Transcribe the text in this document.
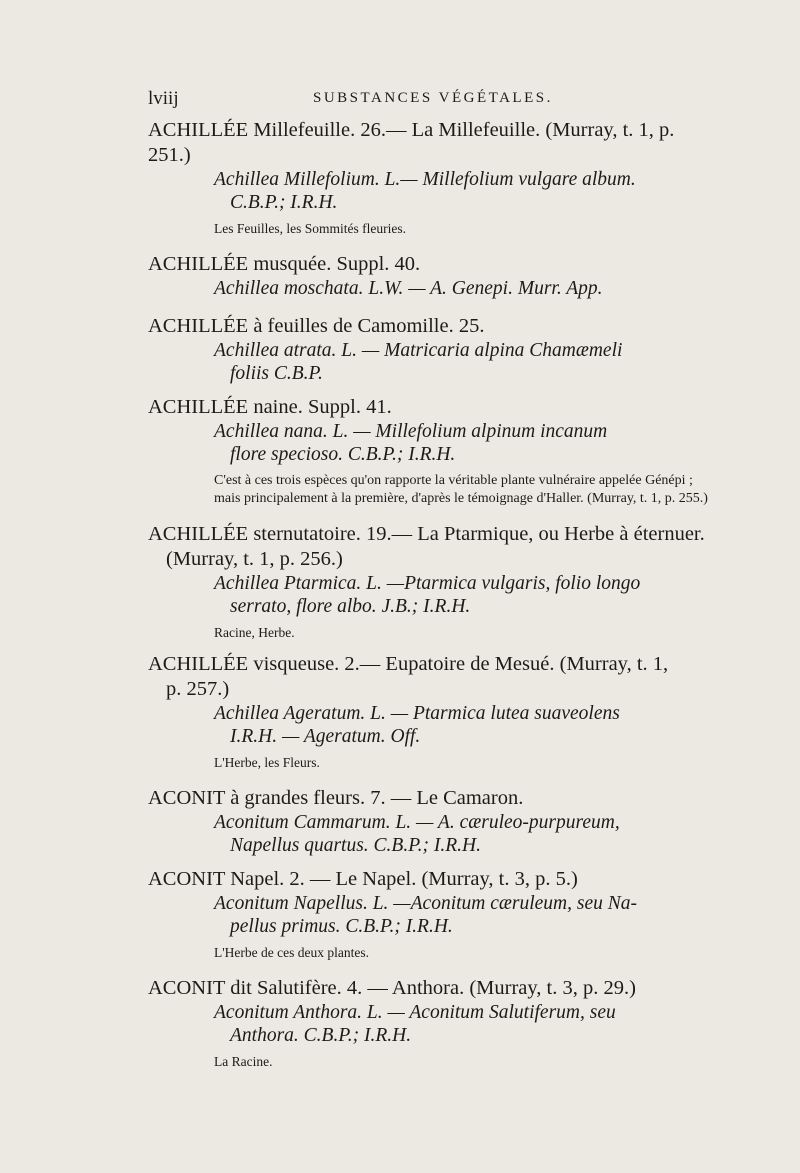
lviij	SUBSTANCES VÉGÉTALES.
ACHILLÉE Millefeuille. 26.— La Millefeuille. (Murray, t. 1, p. 251.)
Achillea Millefolium. L.— Millefolium vulgare album.
C.B.P.; I.R.H.
Les Feuilles, les Sommités fleuries.
ACHILLÉE musquée. Suppl. 40.
Achillea moschata. L.W. — A. Genepi. Murr. App.
ACHILLÉE à feuilles de Camomille. 25.
Achillea atrata. L. — Matricaria alpina Chamæmeli
foliis C.B.P.
ACHILLÉE naine. Suppl. 41.
Achillea nana. L. — Millefolium alpinum incanum
flore specioso. C.B.P.; I.R.H.
C'est à ces trois espèces qu'on rapporte la véritable plante vulnéraire appelée Génépi ; mais principalement à la première, d'après le témoignage d'Haller. (Murray, t. 1, p. 255.)
ACHILLÉE sternutatoire. 19.— La Ptarmique, ou Herbe à éternuer.
(Murray, t. 1, p. 256.)
Achillea Ptarmica. L. —Ptarmica vulgaris, folio longo
serrato, flore albo. J.B.; I.R.H.
Racine, Herbe.
ACHILLÉE visqueuse. 2.— Eupatoire de Mesué. (Murray, t. 1,
p. 257.)
Achillea Ageratum. L. — Ptarmica lutea suaveolens
I.R.H. — Ageratum. Off.
L'Herbe, les Fleurs.
ACONIT à grandes fleurs. 7. — Le Camaron.
Aconitum Cammarum. L. — A. cæruleo-purpureum,
Napellus quartus. C.B.P.; I.R.H.
ACONIT Napel. 2. — Le Napel. (Murray, t. 3, p. 5.)
Aconitum Napellus. L. —Aconitum cæruleum, seu Na-
pellus primus. C.B.P.; I.R.H.
L'Herbe de ces deux plantes.
ACONIT dit Salutifère. 4. — Anthora. (Murray, t. 3, p. 29.)
Aconitum Anthora. L. — Aconitum Salutiferum, seu
Anthora. C.B.P.; I.R.H.
La Racine.
